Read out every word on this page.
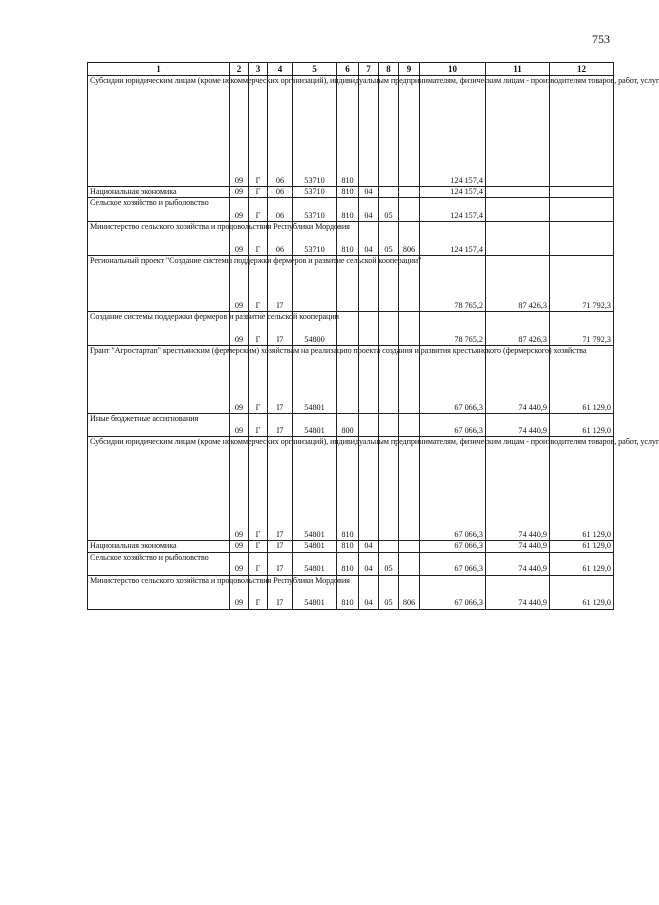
753
1	2	3	4	5	6	7	8	9	10	11	12
Субсидии юридическим лицам (кроме некоммерческих организаций), индивидуальным предпринимателям, физическим лицам - производителям товаров, работ, услуг	09	Г	06	53710	810				124 157,4		
Национальная экономика	09	Г	06	53710	810	04			124 157,4		
Сельское хозяйство и рыболовство	09	Г	06	53710	810	04	05		124 157,4		
Министерство сельского хозяйства и продовольствия Республики Мордовия	09	Г	06	53710	810	04	05	806	124 157,4		
Региональный проект "Создание системы поддержки фермеров и развитие сельской кооперации"	09	Г	I7						78 765,2	87 426,3	71 792,3
Создание системы поддержки фермеров и развитие сельской кооперации	09	Г	I7	54800					78 765,2	87 426,3	71 792,3
Грант "Агростартап" крестьянским (фермерским) хозяйствам на реализацию проекта создания и развития крестьянского (фермерского) хозяйства	09	Г	I7	54801					67 066,3	74 440,9	61 129,0
Иные бюджетные ассигнования	09	Г	I7	54801	800				67 066,3	74 440,9	61 129,0
Субсидии юридическим лицам (кроме некоммерческих организаций), индивидуальным предпринимателям, физическим лицам - производителям товаров, работ, услуг	09	Г	I7	54801	810				67 066,3	74 440,9	61 129,0
Национальная экономика	09	Г	I7	54801	810	04			67 066,3	74 440,9	61 129,0
Сельское хозяйство и рыболовство	09	Г	I7	54801	810	04	05		67 066,3	74 440,9	61 129,0
Министерство сельского хозяйства и продовольствия Республики Мордовия	09	Г	I7	54801	810	04	05	806	67 066,3	74 440,9	61 129,0
